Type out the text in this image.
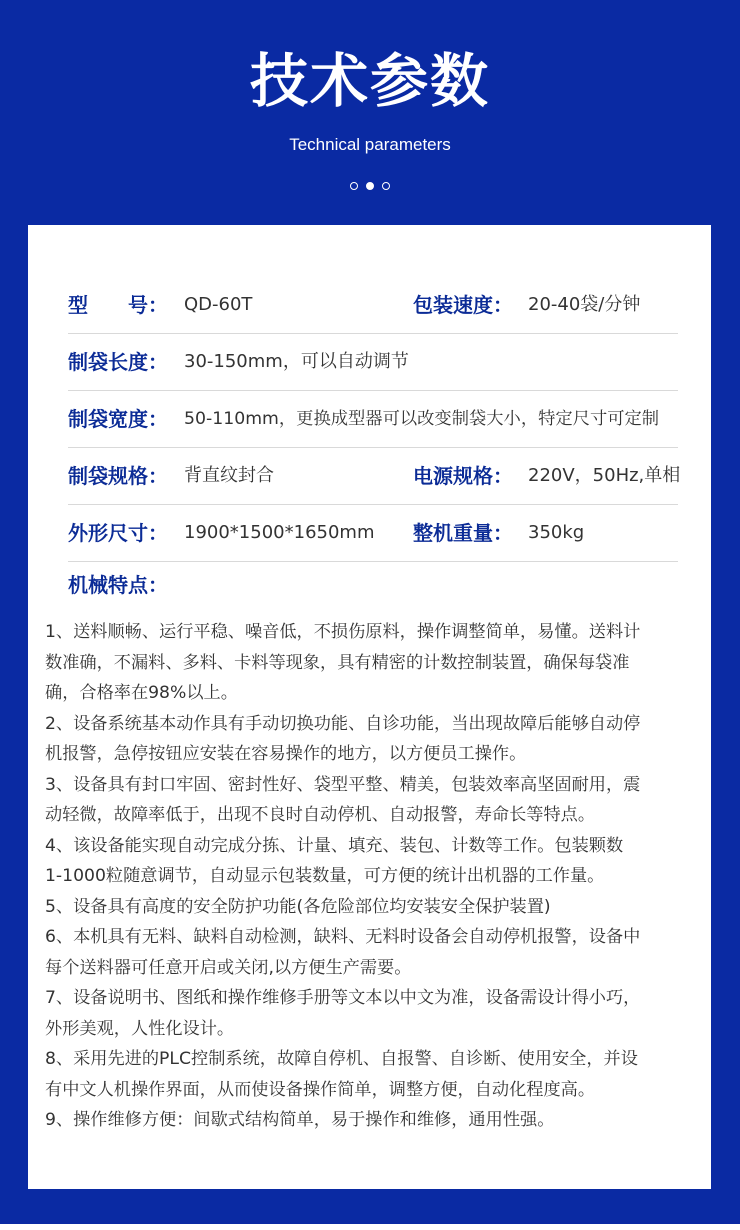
技术参数
Technical parameters
型　　号： QD-60T	包装速度： 20-40袋/分钟
制袋长度： 30-150mm，可以自动调节
制袋宽度： 50-110mm，更换成型器可以改变制袋大小，特定尺寸可定制
制袋规格： 背直纹封合	电源规格： 220V，50Hz,单相
外形尺寸： 1900*1500*1650mm 整机重量： 350kg
机械特点：
1、送料顺畅、运行平稳、噪音低，不损伤原料，操作调整简单，易懂。送料计
数准确，不漏料、多料、卡料等现象，具有精密的计数控制装置，确保每袋准
确，合格率在98%以上。
2、设备系统基本动作具有手动切换功能、自诊功能，当出现故障后能够自动停
机报警，急停按钮应安装在容易操作的地方，以方便员工操作。
3、设备具有封口牢固、密封性好、袋型平整、精美，包装效率高坚固耐用，震
动轻微，故障率低于，出现不良时自动停机、自动报警，寿命长等特点。
4、该设备能实现自动完成分拣、计量、填充、装包、计数等工作。包装颗数
1-1000粒随意调节，自动显示包装数量，可方便的统计出机器的工作量。
5、设备具有高度的安全防护功能(各危险部位均安装安全保护装置)
6、本机具有无料、缺料自动检测，缺料、无料时设备会自动停机报警，设备中
每个送料器可任意开启或关闭,以方便生产需要。
7、设备说明书、图纸和操作维修手册等文本以中文为准，设备需设计得小巧，
外形美观，人性化设计。
8、采用先进的PLC控制系统，故障自停机、自报警、自诊断、使用安全，并设
有中文人机操作界面，从而使设备操作简单，调整方便，自动化程度高。
9、操作维修方便：间歇式结构简单，易于操作和维修，通用性强。
